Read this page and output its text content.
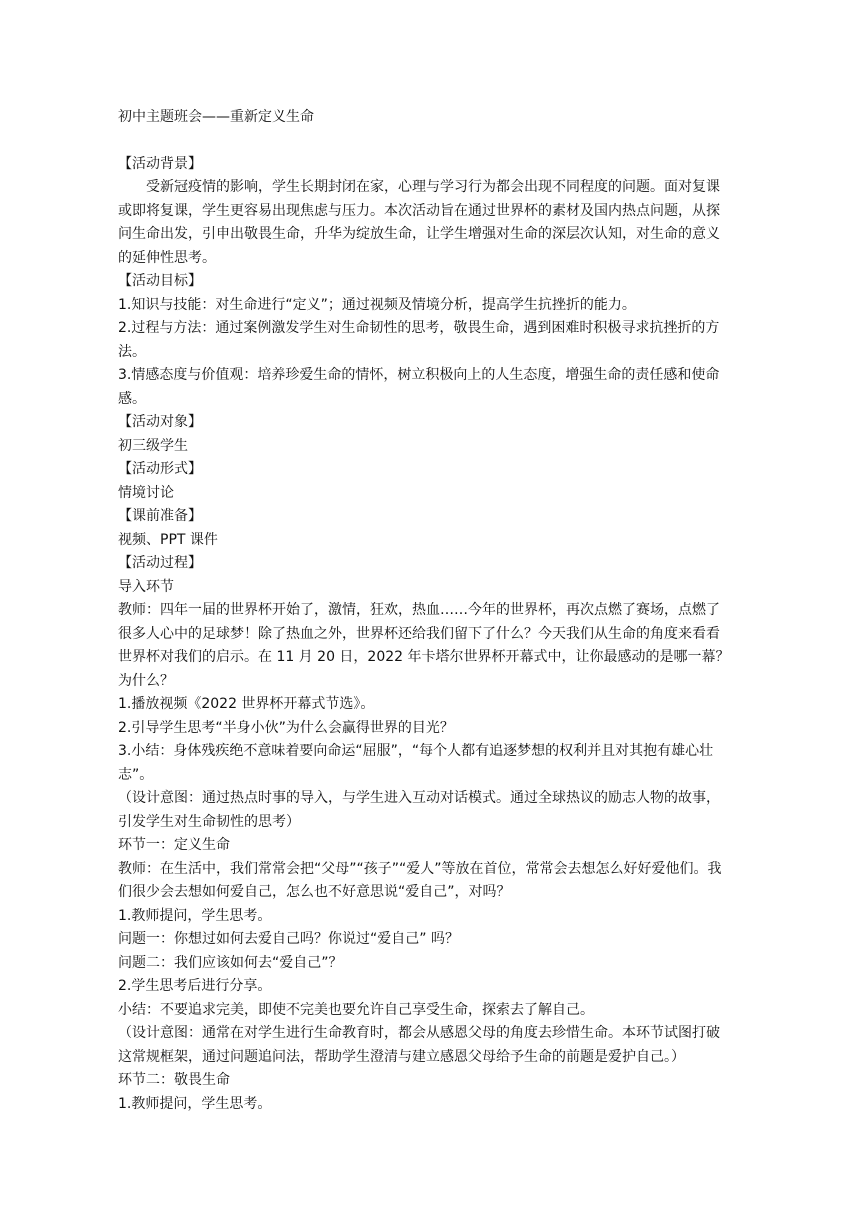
初中主题班会——重新定义生命

【活动背景】

受新冠疫情的影响，学生长期封闭在家，心理与学习行为都会出现不同程度的问题。面对复课或即将复课，学生更容易出现焦虑与压力。本次活动旨在通过世界杯的素材及国内热点问题，从探问生命出发，引申出敬畏生命，升华为绽放生命，让学生增强对生命的深层次认知，对生命的意义的延伸性思考。

【活动目标】

1.知识与技能：对生命进行“定义”；通过视频及情境分析，提高学生抗挫折的能力。

2.过程与方法：通过案例激发学生对生命韧性的思考，敬畏生命，遇到困难时积极寻求抗挫折的方法。

3.情感态度与价值观：培养珍爱生命的情怀，树立积极向上的人生态度，增强生命的责任感和使命感。

【活动对象】

初三级学生

【活动形式】

情境讨论

【课前准备】

视频、PPT 课件

【活动过程】

导入环节

教师：四年一届的世界杯开始了，激情，狂欢，热血……今年的世界杯，再次点燃了赛场，点燃了很多人心中的足球梦！除了热血之外，世界杯还给我们留下了什么？今天我们从生命的角度来看看世界杯对我们的启示。在 11 月 20 日，2022 年卡塔尔世界杯开幕式中，让你最感动的是哪一幕？为什么？

1.播放视频《2022 世界杯开幕式节选》。

2.引导学生思考“半身小伙”为什么会赢得世界的目光？

3.小结：身体残疾绝不意味着要向命运“屈服”，“每个人都有追逐梦想的权利并且对其抱有雄心壮志”。

（设计意图：通过热点时事的导入，与学生进入互动对话模式。通过全球热议的励志人物的故事，引发学生对生命韧性的思考）

环节一：定义生命

教师：在生活中，我们常常会把“父母”“孩子”“爱人”等放在首位，常常会去想怎么好好爱他们。我们很少会去想如何爱自己，怎么也不好意思说“爱自己”，对吗？

1.教师提问，学生思考。

问题一：你想过如何去爱自己吗？你说过“爱自己” 吗？

问题二：我们应该如何去“爱自己”？

2.学生思考后进行分享。

小结：不要追求完美，即使不完美也要允许自己享受生命，探索去了解自己。

（设计意图：通常在对学生进行生命教育时，都会从感恩父母的角度去珍惜生命。本环节试图打破这常规框架，通过问题追问法，帮助学生澄清与建立感恩父母给予生命的前题是爱护自己。）

环节二：敬畏生命

1.教师提问，学生思考。
